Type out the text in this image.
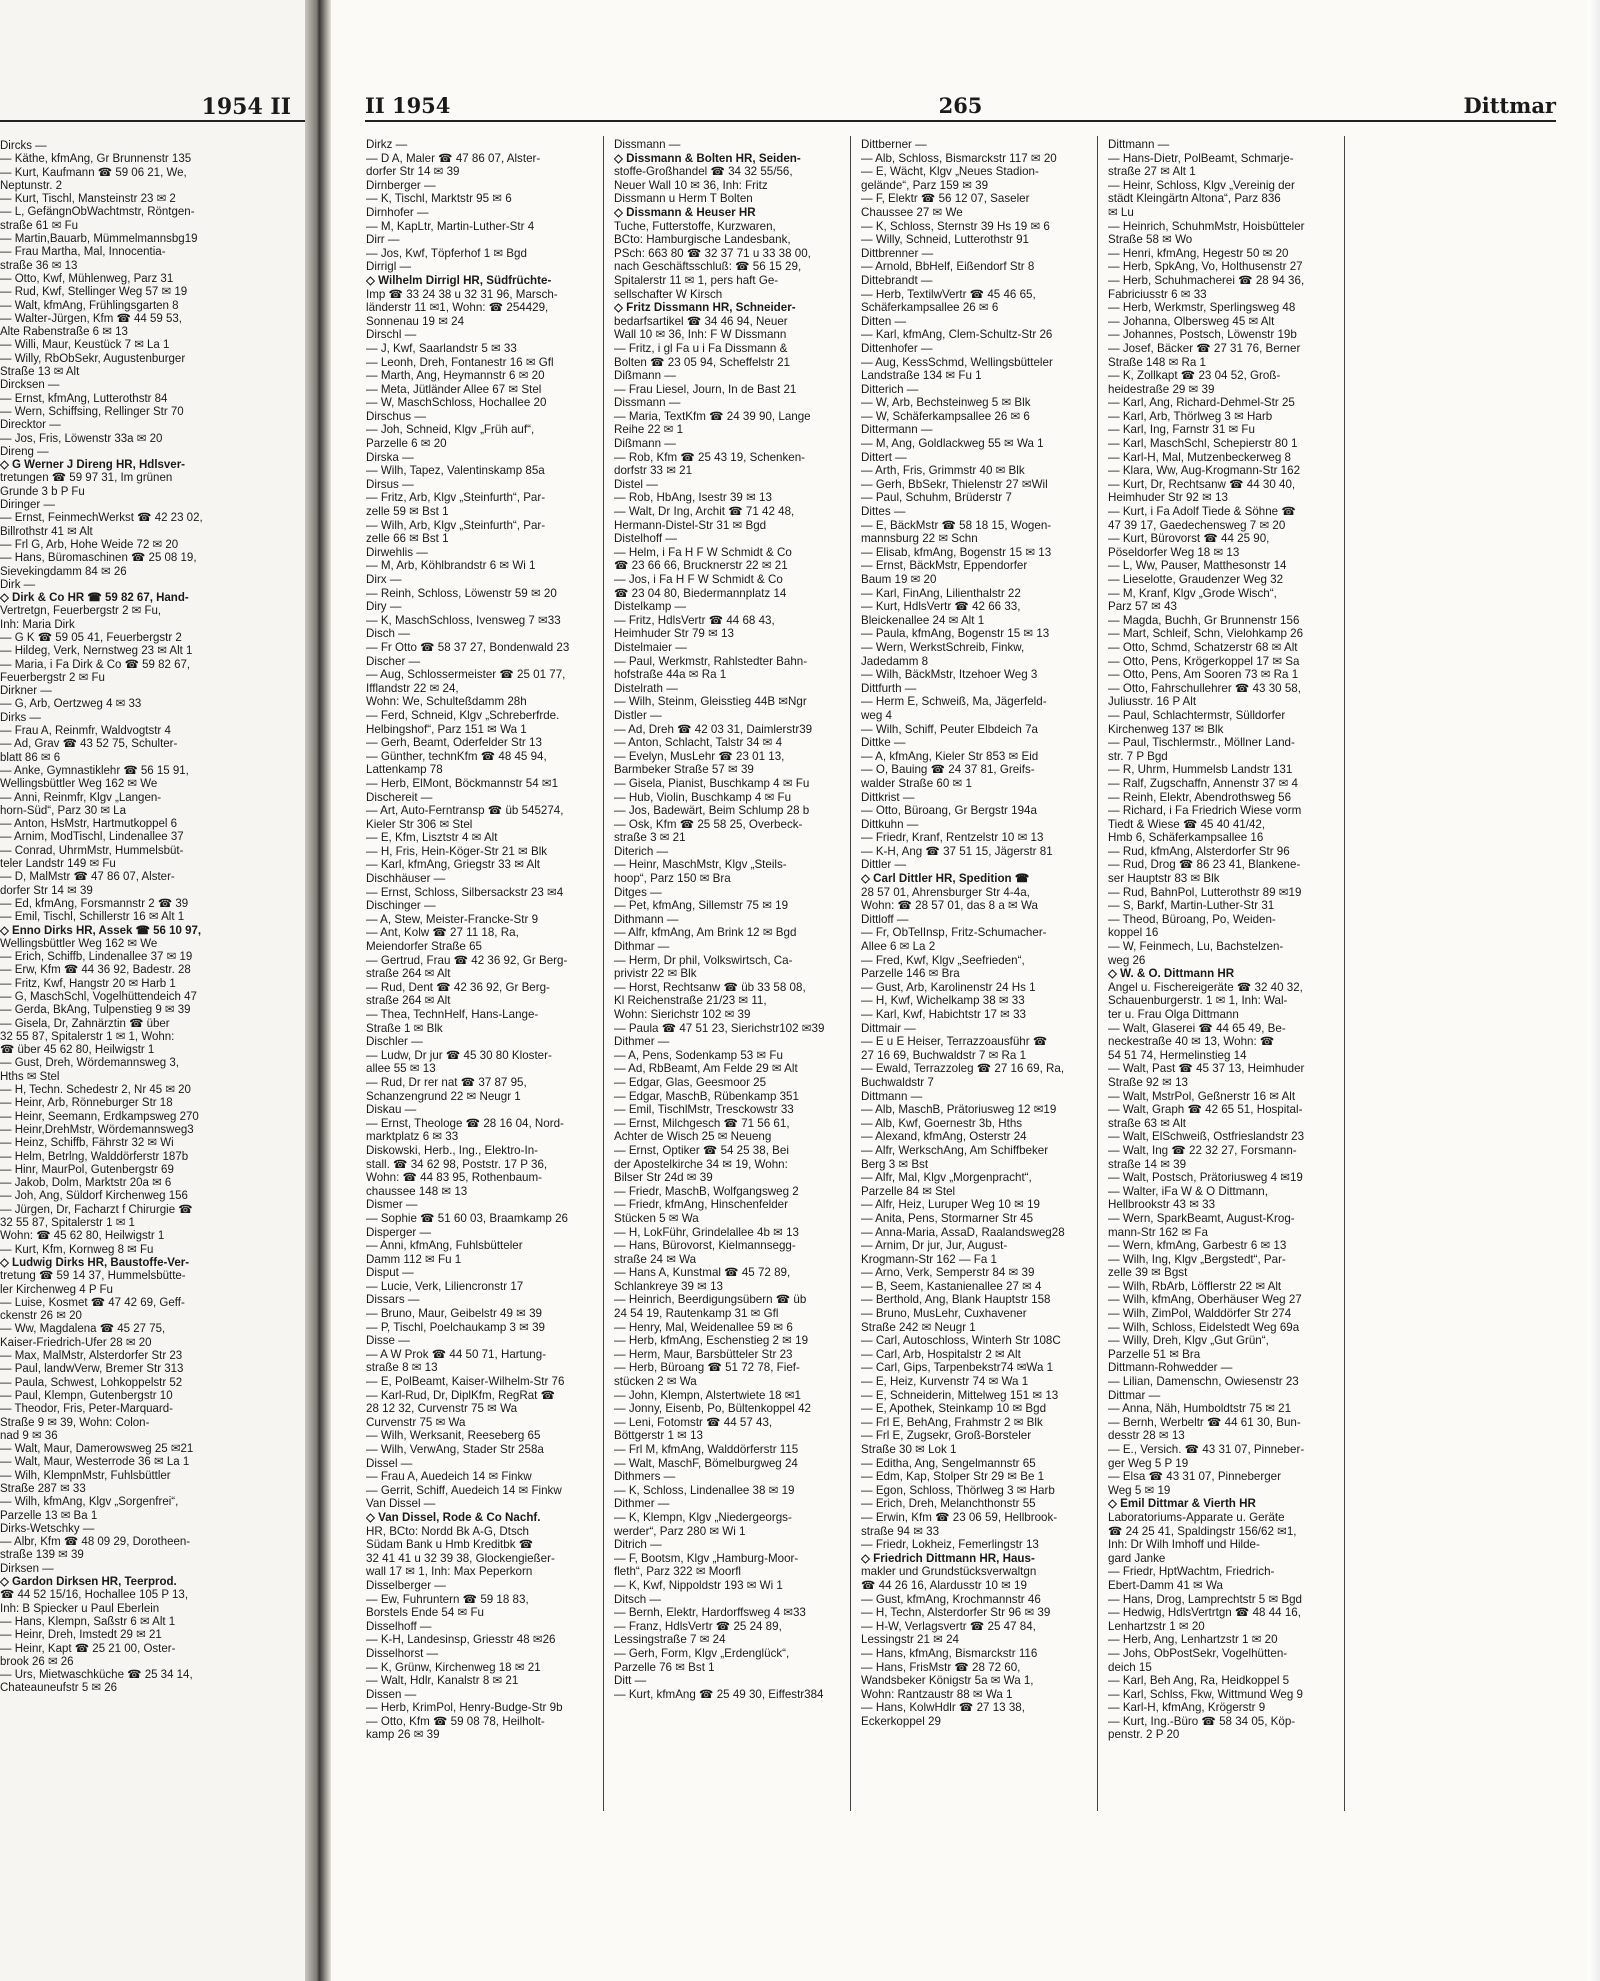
1954 II
Dircks —
— Käthe, kfmAng, Gr Brunnenstr 135
— Kurt, Kaufmann ☎ 59 06 21, We,
Neptunstr. 2
— Kurt, Tischl, Mansteinstr 23 ✉ 2
— L, GefängnObWachtmstr, Röntgen-
straße 61 ✉ Fu
— Martin,Bauarb, Mümmelmannsbg19
— Frau Martha, Mal, Innocentia-
straße 36 ✉ 13
— Otto, Kwf, Mühlenweg, Parz 31
— Rud, Kwf, Stellinger Weg 57 ✉ 19
— Walt, kfmAng, Frühlingsgarten 8
— Walter-Jürgen, Kfm ☎ 44 59 53,
Alte Rabenstraße 6 ✉ 13
— Willi, Maur, Keustück 7 ✉ La 1
— Willy, RbObSekr, Augustenburger
Straße 13 ✉ Alt
Dircksen —
— Ernst, kfmAng, Lutterothstr 84
— Wern, Schiffsing, Rellinger Str 70
Direcktor —
— Jos, Fris, Löwenstr 33a ✉ 20
Direng —
◇ G Werner J Direng HR, Hdlsver-
tretungen ☎ 59 97 31, Im grünen
Grunde 3 b P Fu
Diringer —
— Ernst, FeinmechWerkst ☎ 42 23 02,
Billrothstr 41 ✉ Alt
— Frl G, Arb, Hohe Weide 72 ✉ 20
— Hans, Büromaschinen ☎ 25 08 19,
Sievekingdamm 84 ✉ 26
Dirk —
◇ Dirk & Co HR ☎ 59 82 67, Hand-
Vertretgn, Feuerbergstr 2 ✉ Fu,
Inh: Maria Dirk
— G K ☎ 59 05 41, Feuerbergstr 2
— Hildeg, Verk, Nernstweg 23 ✉ Alt 1
— Maria, i Fa Dirk & Co ☎ 59 82 67,
Feuerbergstr 2 ✉ Fu
Dirkner —
— G, Arb, Oertzweg 4 ✉ 33
Dirks —
— Frau A, Reinmfr, Waldvogtstr 4
— Ad, Grav ☎ 43 52 75, Schulter-
blatt 86 ✉ 6
— Anke, Gymnastiklehr ☎ 56 15 91,
Wellingsbüttler Weg 162 ✉ We
— Anni, Reinmfr, Klgv „Langen-
horn-Süd“, Parz 30 ✉ La
— Anton, HsMstr, Hartmutkoppel 6
— Arnim, ModTischl, Lindenallee 37
— Conrad, UhrmMstr, Hummelsbüt-
teler Landstr 149 ✉ Fu
— D, MalMstr ☎ 47 86 07, Alster-
dorfer Str 14 ✉ 39
— Ed, kfmAng, Forsmannstr 2 ☎ 39
— Emil, Tischl, Schillerstr 16 ✉ Alt 1
◇ Enno Dirks HR, Assek ☎ 56 10 97,
Wellingsbüttler Weg 162 ✉ We
— Erich, Schiffb, Lindenallee 37 ✉ 19
— Erw, Kfm ☎ 44 36 92, Badestr. 28
— Fritz, Kwf, Hangstr 20 ✉ Harb 1
— G, MaschSchl, Vogelhüttendeich 47
— Gerda, BkAng, Tulpenstieg 9 ✉ 39
— Gisela, Dr, Zahnärztin ☎ über
32 55 87, Spitalerstr 1 ✉ 1, Wohn:
☎ über 45 62 80, Heilwigstr 1
— Gust, Dreh, Wördemannsweg 3,
Hths ✉ Stel
— H, Techn. Schedestr 2, Nr 45 ✉ 20
— Heinr, Arb, Rönneburger Str 18
— Heinr, Seemann, Erdkampsweg 270
— Heinr,DrehMstr, Wördemannsweg3
— Heinz, Schiffb, Fährstr 32 ✉ Wi
— Helm, Betrlng, Walddörferstr 187b
— Hinr, MaurPol, Gutenbergstr 69
— Jakob, Dolm, Marktstr 20a ✉ 6
— Joh, Ang, Süldorf Kirchenweg 156
— Jürgen, Dr, Facharzt f Chirurgie ☎
32 55 87, Spitalerstr 1 ✉ 1
Wohn: ☎ 45 62 80, Heilwigstr 1
— Kurt, Kfm, Kornweg 8 ✉ Fu
◇ Ludwig Dirks HR, Baustoffe-Ver-
tretung ☎ 59 14 37, Hummelsbütte-
ler Kirchenweg 4 P Fu
— Luise, Kosmet ☎ 47 42 69, Geff-
ckenstr 26 ✉ 20
— Ww, Magdalena ☎ 45 27 75,
Kaiser-Friedrich-Ufer 28 ✉ 20
— Max, MalMstr, Alsterdorfer Str 23
— Paul, landwVerw, Bremer Str 313
— Paula, Schwest, Lohkoppelstr 52
— Paul, Klempn, Gutenbergstr 10
— Theodor, Fris, Peter-Marquard-
Straße 9 ✉ 39, Wohn: Colon-
nad 9 ✉ 36
— Walt, Maur, Damerowsweg 25 ✉21
— Walt, Maur, Westerrode 36 ✉ La 1
— Wilh, KlempnMstr, Fuhlsbüttler
Straße 287 ✉ 33
— Wilh, kfmAng, Klgv „Sorgenfrei“,
Parzelle 13 ✉ Ba 1
Dirks-Wetschky —
— Albr, Kfm ☎ 48 09 29, Dorotheen-
straße 139 ✉ 39
Dirksen —
◇ Gardon Dirksen HR, Teerprod.
☎ 44 52 15/16, Hochallee 105 P 13,
Inh: B Spiecker u Paul Eberlein
— Hans, Klempn, Saßstr 6 ✉ Alt 1
— Heinr, Dreh, Imstedt 29 ✉ 21
— Heinr, Kapt ☎ 25 21 00, Oster-
brook 26 ✉ 26
— Urs, Mietwaschküche ☎ 25 34 14,
Chateauneufstr 5 ✉ 26
II 1954	265	Dittmar
Dirkz —
— D A, Maler ☎ 47 86 07, Alster-
dorfer Str 14 ✉ 39
Dirnberger —
— K, Tischl, Marktstr 95 ✉ 6
Dirnhofer —
— M, KapLtr, Martin-Luther-Str 4
Dirr —
— Jos, Kwf, Töpferhof 1 ✉ Bgd
Dirrigl —
◇ Wilhelm Dirrigl HR, Südfrüchte-
Imp ☎ 33 24 38 u 32 31 96, Marsch-
länderstr 11 ✉1, Wohn: ☎ 254429,
Sonnenau 19 ✉ 24
Dirschl —
— J, Kwf, Saarlandstr 5 ✉ 33
— Leonh, Dreh, Fontanestr 16 ✉ Gfl
— Marth, Ang, Heymannstr 6 ✉ 20
— Meta, Jütländer Allee 67 ✉ Stel
— W, MaschSchloss, Hochallee 20
Dirschus —
— Joh, Schneid, Klgv „Früh auf“,
Parzelle 6 ✉ 20
Dirska —
— Wilh, Tapez, Valentinskamp 85a
Dirsus —
— Fritz, Arb, Klgv „Steinfurth“, Par-
zelle 59 ✉ Bst 1
— Wilh, Arb, Klgv „Steinfurth“, Par-
zelle 66 ✉ Bst 1
Dirwehlis —
— M, Arb, Köhlbrandstr 6 ✉ Wi 1
Dirx —
— Reinh, Schloss, Löwenstr 59 ✉ 20
Diry —
— K, MaschSchloss, Ivensweg 7 ✉33
Disch —
— Fr Otto ☎ 58 37 27, Bondenwald 23
Discher —
— Aug, Schlossermeister ☎ 25 01 77,
Ifflandstr 22 ✉ 24,
Wohn: We, Schulteßdamm 28h
— Ferd, Schneid, Klgv „Schreberfrde.
Helbingshof“, Parz 151 ✉ Wa 1
— Gerh, Beamt, Oderfelder Str 13
— Günther, technKfm ☎ 48 45 94,
Lattenkamp 78
— Herb, ElMont, Böckmannstr 54 ✉1
Dischereit —
— Art, Auto-Ferntransp ☎ üb 545274,
Kieler Str 306 ✉ Stel
— E, Kfm, Lisztstr 4 ✉ Alt
— H, Fris, Hein-Köger-Str 21 ✉ Blk
— Karl, kfmAng, Griegstr 33 ✉ Alt
Dischhäuser —
— Ernst, Schloss, Silbersackstr 23 ✉4
Dischinger —
— A, Stew, Meister-Francke-Str 9
— Ant, Kolw ☎ 27 11 18, Ra,
Meiendorfer Straße 65
— Gertrud, Frau ☎ 42 36 92, Gr Berg-
straße 264 ✉ Alt
— Rud, Dent ☎ 42 36 92, Gr Berg-
straße 264 ✉ Alt
— Thea, TechnHelf, Hans-Lange-
Straße 1 ✉ Blk
Dischler —
— Ludw, Dr jur ☎ 45 30 80 Kloster-
allee 55 ✉ 13
— Rud, Dr rer nat ☎ 37 87 95,
Schanzengrund 22 ✉ Neugr 1
Diskau —
— Ernst, Theologe ☎ 28 16 04, Nord-
marktplatz 6 ✉ 33
Diskowski, Herb., Ing., Elektro-In-
stall. ☎ 34 62 98, Poststr. 17 P 36,
Wohn: ☎ 44 83 95, Rothenbaum-
chaussee 148 ✉ 13
Dismer —
— Sophie ☎ 51 60 03, Braamkamp 26
Disperger —
— Anni, kfmAng, Fuhlsbütteler
Damm 112 ✉ Fu 1
Disput —
— Lucie, Verk, Liliencronstr 17
Dissars —
— Bruno, Maur, Geibelstr 49 ✉ 39
— P, Tischl, Poelchaukamp 3 ✉ 39
Disse —
— A W Prok ☎ 44 50 71, Hartung-
straße 8 ✉ 13
— E, PolBeamt, Kaiser-Wilhelm-Str 76
— Karl-Rud, Dr, DiplKfm, RegRat ☎
28 12 32, Curvenstr 75 ✉ Wa
Curvenstr 75 ✉ Wa
— Wilh, Werksanit, Reeseberg 65
— Wilh, VerwAng, Stader Str 258a
Dissel —
— Frau A, Auedeich 14 ✉ Finkw
— Gerrit, Schiff, Auedeich 14 ✉ Finkw
Van Dissel —
◇ Van Dissel, Rode & Co Nachf.
HR, BCto: Nordd Bk A-G, Dtsch
Südam Bank u Hmb Kreditbk ☎
32 41 41 u 32 39 38, Glockengießer-
wall 17 ✉ 1, Inh: Max Peperkorn
Disselberger —
— Ew, Fuhruntern ☎ 59 18 83,
Borstels Ende 54 ✉ Fu
Disselhoff —
— K-H, Landesinsp, Griesstr 48 ✉26
Disselhorst —
— K, Grünw, Kirchenweg 18 ✉ 21
— Walt, Hdlr, Kanalstr 8 ✉ 21
Dissen —
— Herb, KrimPol, Henry-Budge-Str 9b
— Otto, Kfm ☎ 59 08 78, Heilholt-
kamp 26 ✉ 39
Dissmann —
◇ Dissmann & Bolten HR, Seiden-
stoffe-Großhandel ☎ 34 32 55/56,
Neuer Wall 10 ✉ 36, Inh: Fritz
Dissmann u Herm T Bolten
◇ Dissmann & Heuser HR
Tuche, Futterstoffe, Kurzwaren,
BCto: Hamburgische Landesbank,
PSch: 663 80 ☎ 32 37 71 u 33 38 00,
nach Geschäftsschluß: ☎ 56 15 29,
Spitalerstr 11 ✉ 1, pers haft Ge-
sellschafter W Kirsch
◇ Fritz Dissmann HR, Schneider-
bedarfsartikel ☎ 34 46 94, Neuer
Wall 10 ✉ 36, Inh: F W Dissmann
— Fritz, i gl Fa u i Fa Dissmann &
Bolten ☎ 23 05 94, Scheffelstr 21
Dißmann —
— Frau Liesel, Journ, In de Bast 21
Dissmann —
— Maria, TextKfm ☎ 24 39 90, Lange
Reihe 22 ✉ 1
Dißmann —
— Rob, Kfm ☎ 25 43 19, Schenken-
dorfstr 33 ✉ 21
Distel —
— Rob, HbAng, Isestr 39 ✉ 13
— Walt, Dr Ing, Archit ☎ 71 42 48,
Hermann-Distel-Str 31 ✉ Bgd
Distelhoff —
— Helm, i Fa H F W Schmidt & Co
☎ 23 66 66, Brucknerstr 22 ✉ 21
— Jos, i Fa H F W Schmidt & Co
☎ 23 04 80, Biedermannplatz 14
Distelkamp —
— Fritz, HdlsVertr ☎ 44 68 43,
Heimhuder Str 79 ✉ 13
Distelmaier —
— Paul, Werkmstr, Rahlstedter Bahn-
hofstraße 44a ✉ Ra 1
Distelrath —
— Wilh, Steinm, Gleisstieg 44B ✉Ngr
Distler —
— Ad, Dreh ☎ 42 03 31, Daimlerstr39
— Anton, Schlacht, Talstr 34 ✉ 4
— Evelyn, MusLehr ☎ 23 01 13,
Barmbeker Straße 57 ✉ 39
— Gisela, Pianist, Buschkamp 4 ✉ Fu
— Hub, Violin, Buschkamp 4 ✉ Fu
— Jos, Badewärt, Beim Schlump 28 b
— Osk, Kfm ☎ 25 58 25, Overbeck-
straße 3 ✉ 21
Diterich —
— Heinr, MaschMstr, Klgv „Steils-
hoop“, Parz 150 ✉ Bra
Ditges —
— Pet, kfmAng, Sillemstr 75 ✉ 19
Dithmann —
— Alfr, kfmAng, Am Brink 12 ✉ Bgd
Dithmar —
— Herm, Dr phil, Volkswirtsch, Ca-
privistr 22 ✉ Blk
— Horst, Rechtsanw ☎ üb 33 58 08,
Kl Reichenstraße 21/23 ✉ 11,
Wohn: Sierichstr 102 ✉ 39
— Paula ☎ 47 51 23, Sierichstr102 ✉39
Dithmer —
— A, Pens, Sodenkamp 53 ✉ Fu
— Ad, RbBeamt, Am Felde 29 ✉ Alt
— Edgar, Glas, Geesmoor 25
— Edgar, MaschB, Rübenkamp 351
— Emil, TischlMstr, Tresckowstr 33
— Ernst, Milchgesch ☎ 71 56 61,
Achter de Wisch 25 ✉ Neueng
— Ernst, Optiker ☎ 54 25 38, Bei
der Apostelkirche 34 ✉ 19, Wohn:
Bilser Str 24d ✉ 39
— Friedr, MaschB, Wolfgangsweg 2
— Friedr, kfmAng, Hinschenfelder
Stücken 5 ✉ Wa
— H, LokFühr, Grindelallee 4b ✉ 13
— Hans, Bürovorst, Kielmannsegg-
straße 24 ✉ Wa
— Hans A, Kunstmal ☎ 45 72 89,
Schlankreye 39 ✉ 13
— Heinrich, Beerdigungsübern ☎ üb
24 54 19, Rautenkamp 31 ✉ Gfl
— Henry, Mal, Weidenallee 59 ✉ 6
— Herb, kfmAng, Eschenstieg 2 ✉ 19
— Herm, Maur, Barsbütteler Str 23
— Herb, Büroang ☎ 51 72 78, Fief-
stücken 2 ✉ Wa
— John, Klempn, Alstertwiete 18 ✉1
— Jonny, Eisenb, Po, Bültenkoppel 42
— Leni, Fotomstr ☎ 44 57 43,
Böttgerstr 1 ✉ 13
— Frl M, kfmAng, Walddörferstr 115
— Walt, MaschF, Bömelburgweg 24
Dithmers —
— K, Schloss, Lindenallee 38 ✉ 19
Dithmer —
— K, Klempn, Klgv „Niedergeorgs-
werder“, Parz 280 ✉ Wi 1
Ditrich —
— F, Bootsm, Klgv „Hamburg-Moor-
fleth“, Parz 322 ✉ Moorfl
— K, Kwf, Nippoldstr 193 ✉ Wi 1
Ditsch —
— Bernh, Elektr, Hardorffsweg 4 ✉33
— Franz, HdlsVertr ☎ 25 24 89,
Lessingstraße 7 ✉ 24
— Gerh, Form, Klgv „Erdenglück“,
Parzelle 76 ✉ Bst 1
Ditt —
— Kurt, kfmAng ☎ 25 49 30, Eiffestr384
Dittberner —
— Alb, Schloss, Bismarckstr 117 ✉ 20
— E, Wächt, Klgv „Neues Stadion-
gelände“, Parz 159 ✉ 39
— F, Elektr ☎ 56 12 07, Saseler
Chaussee 27 ✉ We
— K, Schloss, Sternstr 39 Hs 19 ✉ 6
— Willy, Schneid, Lutterothstr 91
Dittbrenner —
— Arnold, BbHelf, Eißendorf Str 8
Dittebrandt —
— Herb, TextilwVertr ☎ 45 46 65,
Schäferkampsallee 26 ✉ 6
Ditten —
— Karl, kfmAng, Clem-Schultz-Str 26
Dittenhofer —
— Aug, KessSchmd, Wellingsbütteler
Landstraße 134 ✉ Fu 1
Ditterich —
— W, Arb, Bechsteinweg 5 ✉ Blk
— W, Schäferkampsallee 26 ✉ 6
Dittermann —
— M, Ang, Goldlackweg 55 ✉ Wa 1
Dittert —
— Arth, Fris, Grimmstr 40 ✉ Blk
— Gerh, BbSekr, Thielenstr 27 ✉Wil
— Paul, Schuhm, Brüderstr 7
Dittes —
— E, BäckMstr ☎ 58 18 15, Wogen-
mannsburg 22 ✉ Schn
— Elisab, kfmAng, Bogenstr 15 ✉ 13
— Ernst, BäckMstr, Eppendorfer
Baum 19 ✉ 20
— Karl, FinAng, Lilienthalstr 22
— Kurt, HdlsVertr ☎ 42 66 33,
Bleickenallee 24 ✉ Alt 1
— Paula, kfmAng, Bogenstr 15 ✉ 13
— Wern, WerkstSchreib, Finkw,
Jadedamm 8
— Wilh, BäckMstr, Itzehoer Weg 3
Dittfurth —
— Herm E, Schweiß, Ma, Jägerfeld-
weg 4
— Wilh, Schiff, Peuter Elbdeich 7a
Dittke —
— A, kfmAng, Kieler Str 853 ✉ Eid
— O, Bauing ☎ 24 37 81, Greifs-
walder Straße 60 ✉ 1
Dittkrist —
— Otto, Büroang, Gr Bergstr 194a
Dittkuhn —
— Friedr, Kranf, Rentzelstr 10 ✉ 13
— K-H, Ang ☎ 37 51 15, Jägerstr 81
Dittler —
◇ Carl Dittler HR, Spedition ☎
28 57 01, Ahrensburger Str 4-4a,
Wohn: ☎ 28 57 01, das 8 a ✉ Wa
Dittloff —
— Fr, ObTelInsp, Fritz-Schumacher-
Allee 6 ✉ La 2
— Fred, Kwf, Klgv „Seefrieden“,
Parzelle 146 ✉ Bra
— Gust, Arb, Karolinenstr 24 Hs 1
— H, Kwf, Wichelkamp 38 ✉ 33
— Karl, Kwf, Habichtstr 17 ✉ 33
Dittmair —
— E u E Heiser, Terrazzoausführ ☎
27 16 69, Buchwaldstr 7 ✉ Ra 1
— Ewald, Terrazzoleg ☎ 27 16 69, Ra,
Buchwaldstr 7
Dittmann —
— Alb, MaschB, Prätoriusweg 12 ✉19
— Alb, Kwf, Goernestr 3b, Hths
— Alexand, kfmAng, Osterstr 24
— Alfr, WerkschAng, Am Schiffbeker
Berg 3 ✉ Bst
— Alfr, Mal, Klgv „Morgenpracht“,
Parzelle 84 ✉ Stel
— Alfr, Heiz, Luruper Weg 10 ✉ 19
— Anita, Pens, Stormarner Str 45
— Anna-Maria, AssaD, Raalandsweg28
— Arnim, Dr jur, Jur, August-
Krogmann-Str 162 — Fa 1
— Arno, Verk, Semperstr 84 ✉ 39
— B, Seem, Kastanienallee 27 ✉ 4
— Berthold, Ang, Blank Hauptstr 158
— Bruno, MusLehr, Cuxhavener
Straße 242 ✉ Neugr 1
— Carl, Autoschloss, Winterh Str 108C
— Carl, Arb, Hospitalstr 2 ✉ Alt
— Carl, Gips, Tarpenbekstr74 ✉Wa 1
— E, Heiz, Kurvenstr 74 ✉ Wa 1
— E, Schneiderin, Mittelweg 151 ✉ 13
— E, Apothek, Steinkamp 10 ✉ Bgd
— Frl E, BehAng, Frahmstr 2 ✉ Blk
— Frl E, Zugsekr, Groß-Borsteler
Straße 30 ✉ Lok 1
— Editha, Ang, Sengelmannstr 65
— Edm, Kap, Stolper Str 29 ✉ Be 1
— Egon, Schloss, Thörlweg 3 ✉ Harb
— Erich, Dreh, Melanchthonstr 55
— Erwin, Kfm ☎ 23 06 59, Hellbrook-
straße 94 ✉ 33
— Friedr, Lokheiz, Femerlingstr 13
◇ Friedrich Dittmann HR, Haus-
makler und Grundstücksverwaltgn
☎ 44 26 16, Alardusstr 10 ✉ 19
— Gust, kfmAng, Krochmannstr 46
— H, Techn, Alsterdorfer Str 96 ✉ 39
— H-W, Verlagsvertr ☎ 25 47 84,
Lessingstr 21 ✉ 24
— Hans, kfmAng, Bismarckstr 116
— Hans, FrisMstr ☎ 28 72 60,
Wandsbeker Königstr 5a ✉ Wa 1,
Wohn: Rantzaustr 88 ✉ Wa 1
— Hans, KolwHdlr ☎ 27 13 38,
Eckerkoppel 29
Dittmann —
— Hans-Dietr, PolBeamt, Schmarje-
straße 27 ✉ Alt 1
— Heinr, Schloss, Klgv „Vereinig der
städt Kleingärtn Altona“, Parz 836
✉ Lu
— Heinrich, SchuhmMstr, Hoisbütteler
Straße 58 ✉ Wo
— Henri, kfmAng, Hegestr 50 ✉ 20
— Herb, SpkAng, Vo, Holthusenstr 27
— Herb, Schuhmacherei ☎ 28 94 36,
Fabriciusstr 6 ✉ 33
— Herb, Werkmstr, Sperlingsweg 48
— Johanna, Olbersweg 45 ✉ Alt
— Johannes, Postsch, Löwenstr 19b
— Josef, Bäcker ☎ 27 31 76, Berner
Straße 148 ✉ Ra 1
— K, Zollkapt ☎ 23 04 52, Groß-
heidestraße 29 ✉ 39
— Karl, Ang, Richard-Dehmel-Str 25
— Karl, Arb, Thörlweg 3 ✉ Harb
— Karl, Ing, Farnstr 31 ✉ Fu
— Karl, MaschSchl, Schepierstr 80 1
— Karl-H, Mal, Mutzenbeckerweg 8
— Klara, Ww, Aug-Krogmann-Str 162
— Kurt, Dr, Rechtsanw ☎ 44 30 40,
Heimhuder Str 92 ✉ 13
— Kurt, i Fa Adolf Tiede & Söhne ☎
47 39 17, Gaedechensweg 7 ✉ 20
— Kurt, Bürovorst ☎ 44 25 90,
Pöseldorfer Weg 18 ✉ 13
— L, Ww, Pauser, Matthesonstr 14
— Lieselotte, Graudenzer Weg 32
— M, Kranf, Klgv „Grode Wisch“,
Parz 57 ✉ 43
— Magda, Buchh, Gr Brunnenstr 156
— Mart, Schleif, Schn, Vielohkamp 26
— Otto, Schmd, Schatzerstr 68 ✉ Alt
— Otto, Pens, Krögerkoppel 17 ✉ Sa
— Otto, Pens, Am Sooren 73 ✉ Ra 1
— Otto, Fahrschullehrer ☎ 43 30 58,
Juliusstr. 16 P Alt
— Paul, Schlachtermstr, Sülldorfer
Kirchenweg 137 ✉ Blk
— Paul, Tischlermstr., Möllner Land-
str. 7 P Bgd
— R, Uhrm, Hummelsb Landstr 131
— Ralf, Zugschaffn, Annenstr 37 ✉ 4
— Reinh, Elektr, Abendrothsweg 56
— Richard, i Fa Friedrich Wiese vorm
Tiedt & Wiese ☎ 45 40 41/42,
Hmb 6, Schäferkampsallee 16
— Rud, kfmAng, Alsterdorfer Str 96
— Rud, Drog ☎ 86 23 41, Blankene-
ser Hauptstr 83 ✉ Blk
— Rud, BahnPol, Lutterothstr 89 ✉19
— S, Barkf, Martin-Luther-Str 31
— Theod, Büroang, Po, Weiden-
koppel 16
— W, Feinmech, Lu, Bachstelzen-
weg 26
◇ W. & O. Dittmann HR
Angel u. Fischereigeräte ☎ 32 40 32,
Schauenburgerstr. 1 ✉ 1, Inh: Wal-
ter u. Frau Olga Dittmann
— Walt, Glaserei ☎ 44 65 49, Be-
neckestraße 40 ✉ 13, Wohn: ☎
54 51 74, Hermelinstieg 14
— Walt, Past ☎ 45 37 13, Heimhuder
Straße 92 ✉ 13
— Walt, MstrPol, Geßnerstr 16 ✉ Alt
— Walt, Graph ☎ 42 65 51, Hospital-
straße 63 ✉ Alt
— Walt, ElSchweiß, Ostfrieslandstr 23
— Walt, Ing ☎ 22 32 27, Forsmann-
straße 14 ✉ 39
— Walt, Postsch, Prätoriusweg 4 ✉19
— Walter, iFa W & O Dittmann,
Hellbrookstr 43 ✉ 33
— Wern, SparkBeamt, August-Krog-
mann-Str 162 ✉ Fa
— Wern, kfmAng, Garbestr 6 ✉ 13
— Wilh, Ing, Klgv „Bergstedt“, Par-
zelle 39 ✉ Bgst
— Wilh, RbArb, Löfflerstr 22 ✉ Alt
— Wilh, kfmAng, Oberhäuser Weg 27
— Wilh, ZimPol, Walddörfer Str 274
— Wilh, Schloss, Eidelstedt Weg 69a
— Willy, Dreh, Klgv „Gut Grün“,
Parzelle 51 ✉ Bra
Dittmann-Rohwedder —
— Lilian, Damenschn, Owiesenstr 23
Dittmar —
— Anna, Näh, Humboldtstr 75 ✉ 21
— Bernh, Werbeltr ☎ 44 61 30, Bun-
desstr 28 ✉ 13
— E., Versich. ☎ 43 31 07, Pinneber-
ger Weg 5 P 19
— Elsa ☎ 43 31 07, Pinneberger
Weg 5 ✉ 19
◇ Emil Dittmar & Vierth HR
Laboratoriums-Apparate u. Geräte
☎ 24 25 41, Spaldingstr 156/62 ✉1,
Inh: Dr Wilh Imhoff und Hilde-
gard Janke
— Friedr, HptWachtm, Friedrich-
Ebert-Damm 41 ✉ Wa
— Hans, Drog, Lamprechtstr 5 ✉ Bgd
— Hedwig, HdlsVertrtgn ☎ 48 44 16,
Lenhartzstr 1 ✉ 20
— Herb, Ang, Lenhartzstr 1 ✉ 20
— Johs, ObPostSekr, Vogelhütten-
deich 15
— Karl, Beh Ang, Ra, Heidkoppel 5
— Karl, Schlss, Fkw, Wittmund Weg 9
— Karl-H, kfmAng, Krögerstr 9
— Kurt, Ing.-Büro ☎ 58 34 05, Köp-
penstr. 2 P 20
